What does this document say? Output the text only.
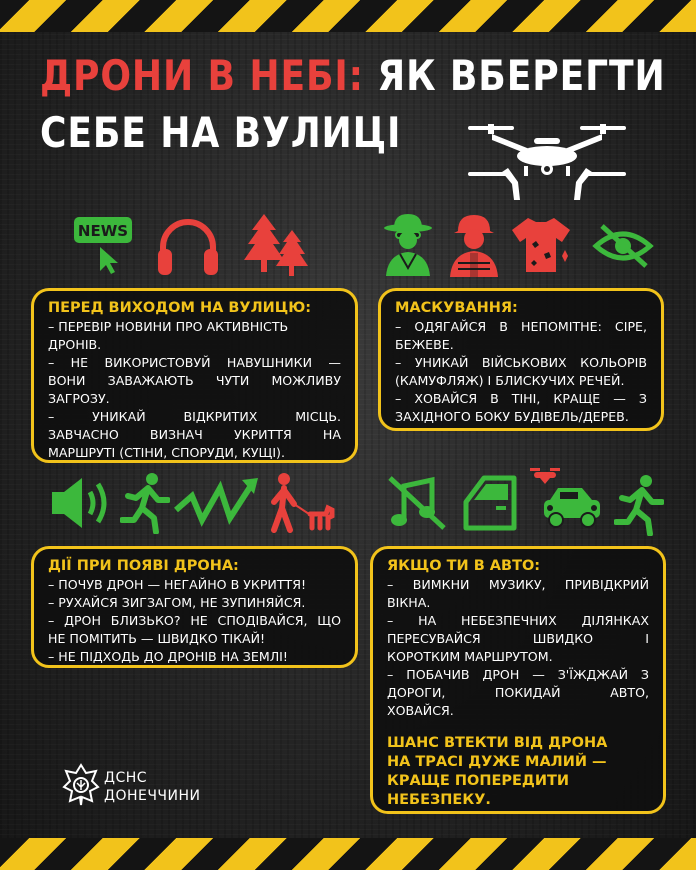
ДРОНИ В НЕБІ: ЯК ВБЕРЕГТИ
СЕБЕ НА ВУЛИЦІ
NEWS
ПЕРЕД ВИХОДОМ НА ВУЛИЦЮ:
– ПЕРЕВІР НОВИНИ ПРО АКТИВНІСТЬ
ДРОНІВ.
– НЕ ВИКОРИСТОВУЙ НАВУШНИКИ —
ВОНИ ЗАВАЖАЮТЬ ЧУТИ МОЖЛИВУ
ЗАГРОЗУ.
– УНИКАЙ ВІДКРИТИХ МІСЦЬ.
ЗАВЧАСНО ВИЗНАЧ УКРИТТЯ НА
МАРШРУТІ (СТІНИ, СПОРУДИ, КУЩІ).
МАСКУВАННЯ:
– ОДЯГАЙСЯ В НЕПОМІТНЕ: СІРЕ,
БЕЖЕВЕ.
– УНИКАЙ ВІЙСЬКОВИХ КОЛЬОРІВ
(КАМУФЛЯЖ) І БЛИСКУЧИХ РЕЧЕЙ.
– ХОВАЙСЯ В ТІНІ, КРАЩЕ — З
ЗАХІДНОГО БОКУ БУДІВЕЛЬ/ДЕРЕВ.
ДІЇ ПРИ ПОЯВІ ДРОНА:
– ПОЧУВ ДРОН — НЕГАЙНО В УКРИТТЯ!
– РУХАЙСЯ ЗИГЗАГОМ, НЕ ЗУПИНЯЙСЯ.
– ДРОН БЛИЗЬКО? НЕ СПОДІВАЙСЯ, ЩО
НЕ ПОМІТИТЬ — ШВИДКО ТІКАЙ!
– НЕ ПІДХОДЬ ДО ДРОНІВ НА ЗЕМЛІ!
ЯКЩО ТИ В АВТО:
– ВИМКНИ МУЗИКУ, ПРИВІДКРИЙ
ВІКНА.
– НА НЕБЕЗПЕЧНИХ ДІЛЯНКАХ
ПЕРЕСУВАЙСЯ ШВИДКО І
КОРОТКИМ МАРШРУТОМ.
– ПОБАЧИВ ДРОН — З'ЇЖДЖАЙ З
ДОРОГИ, ПОКИДАЙ АВТО,
ХОВАЙСЯ.
ШАНС ВТЕКТИ ВІД ДРОНА
НА ТРАСІ ДУЖЕ МАЛИЙ —
КРАЩЕ ПОПЕРЕДИТИ
НЕБЕЗПЕКУ.
ДСНС
ДОНЕЧЧИНИ
